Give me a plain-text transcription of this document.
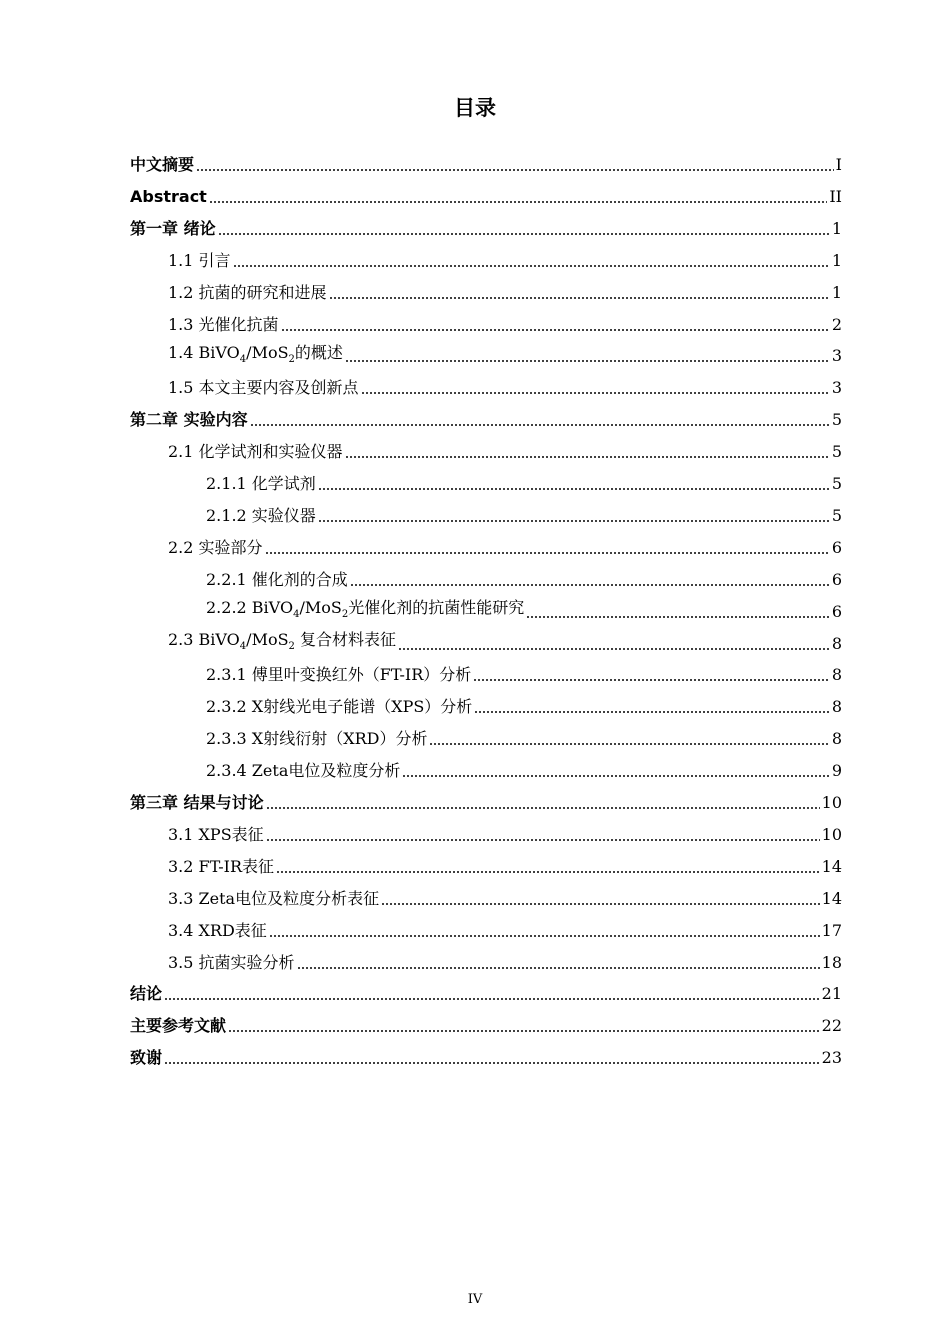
目录
中文摘要	I
Abstract	II
第一章 绪论	1
1.1 引言	1
1.2 抗菌的研究和进展	1
1.3 光催化抗菌	2
1.4 BiVO$_4$/MoS$_2$的概述	3
1.5 本文主要内容及创新点	3
第二章 实验内容	5
2.1 化学试剂和实验仪器	5
2.1.1 化学试剂	5
2.1.2 实验仪器	5
2.2 实验部分	6
2.2.1 催化剂的合成	6
2.2.2 BiVO$_4$/MoS$_2$光催化剂的抗菌性能研究	6
2.3 BiVO$_4$/MoS$_2$ 复合材料表征	8
2.3.1 傅里叶变换红外（FT-IR）分析	8
2.3.2 X射线光电子能谱（XPS）分析	8
2.3.3 X射线衍射（XRD）分析	8
2.3.4 Zeta电位及粒度分析	9
第三章 结果与讨论	10
3.1 XPS表征	10
3.2 FT-IR表征	14
3.3 Zeta电位及粒度分析表征	14
3.4 XRD表征	17
3.5 抗菌实验分析	18
结论	21
主要参考文献	22
致谢	23
IV
